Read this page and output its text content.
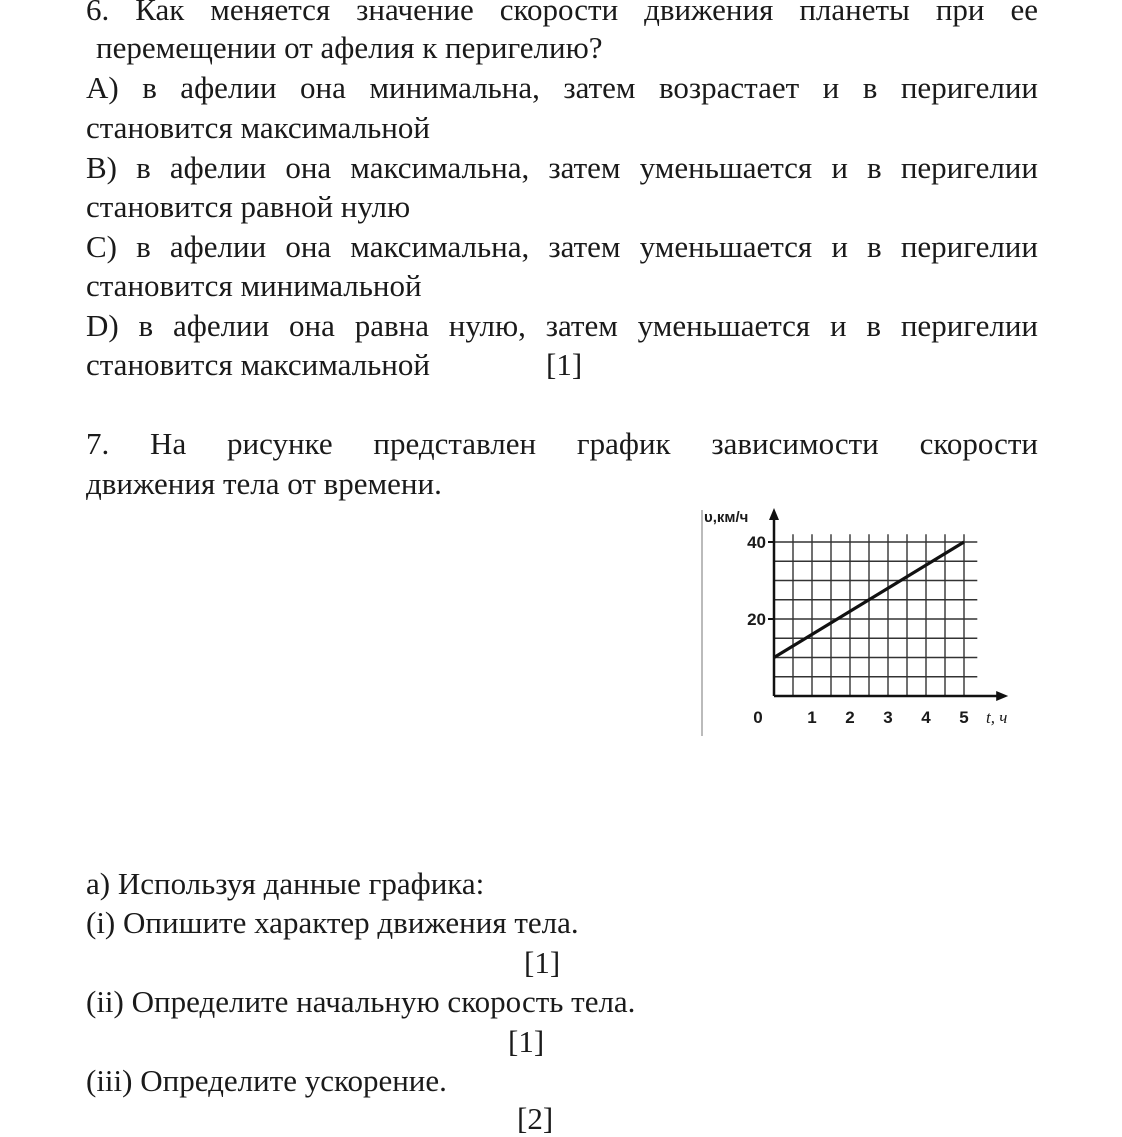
6. Как меняется значение скорости движения планеты при ее
перемещении от афелия к перигелию?
A) в афелии она минимальна, затем возрастает и в перигелии
становится максимальной
B) в афелии она максимальна, затем уменьшается и в перигелии
становится равной нулю
C) в афелии она максимальна, затем уменьшается и в перигелии
становится минимальной
D) в афелии она равна нулю, затем уменьшается и в перигелии
становится максимальной	[1]
7. На рисунке представлен график зависимости скорости
движения тела от времени.
0	1 2 3 4 5
20
40
t, ч
υ,км/ч
a) Используя данные графика:
(i) Опишите характер движения тела.
[1]
(ii) Определите начальную скорость тела.
[1]
(iii) Определите ускорение.
[2]
